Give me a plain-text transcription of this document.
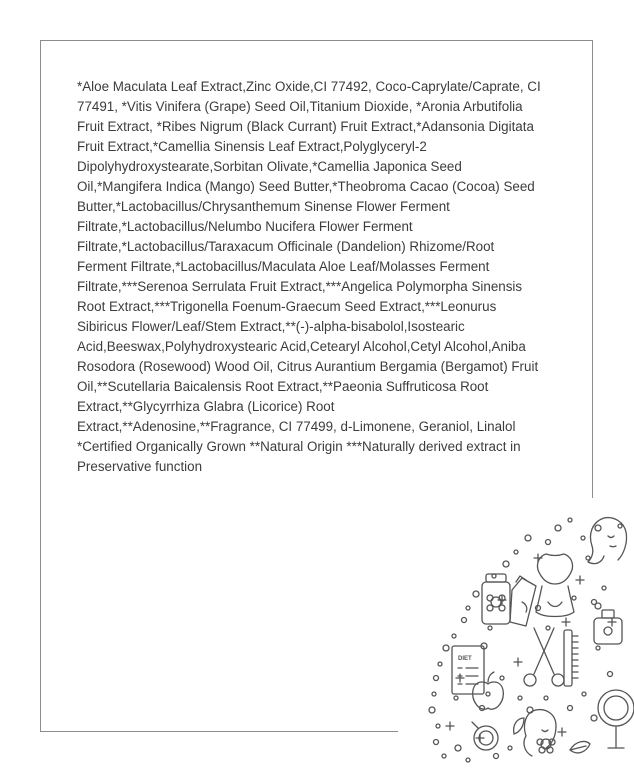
*Aloe Maculata Leaf Extract,Zinc Oxide,CI 77492, Coco-Caprylate/Caprate, CI
77491, *Vitis Vinifera (Grape) Seed Oil,Titanium Dioxide, *Aronia Arbutifolia
Fruit Extract, *Ribes Nigrum (Black Currant) Fruit Extract,*Adansonia Digitata
Fruit Extract,*Camellia Sinensis Leaf Extract,Polyglyceryl-2
Dipolyhydroxystearate,Sorbitan Olivate,*Camellia Japonica Seed
Oil,*Mangifera Indica (Mango) Seed Butter,*Theobroma Cacao (Cocoa) Seed
Butter,*Lactobacillus/Chrysanthemum Sinense Flower Ferment
Filtrate,*Lactobacillus/Nelumbo Nucifera Flower Ferment
Filtrate,*Lactobacillus/Taraxacum Officinale (Dandelion) Rhizome/Root
Ferment Filtrate,*Lactobacillus/Maculata Aloe Leaf/Molasses Ferment
Filtrate,***Serenoa Serrulata Fruit Extract,***Angelica Polymorpha Sinensis
Root Extract,***Trigonella Foenum-Graecum Seed Extract,***Leonurus
Sibiricus Flower/Leaf/Stem Extract,**(-)-alpha-bisabolol,Isostearic
Acid,Beeswax,Polyhydroxystearic Acid,Cetearyl Alcohol,Cetyl Alcohol,Aniba
Rosodora (Rosewood) Wood Oil, Citrus Aurantium Bergamia (Bergamot) Fruit
Oil,**Scutellaria Baicalensis Root Extract,**Paeonia Suffruticosa Root
Extract,**Glycyrrhiza Glabra (Licorice) Root
Extract,**Adenosine,**Fragrance, CI 77499, d-Limonene, Geraniol, Linalol
*Certified Organically Grown **Natural Origin ***Naturally derived extract in
Preservative function

DIET
